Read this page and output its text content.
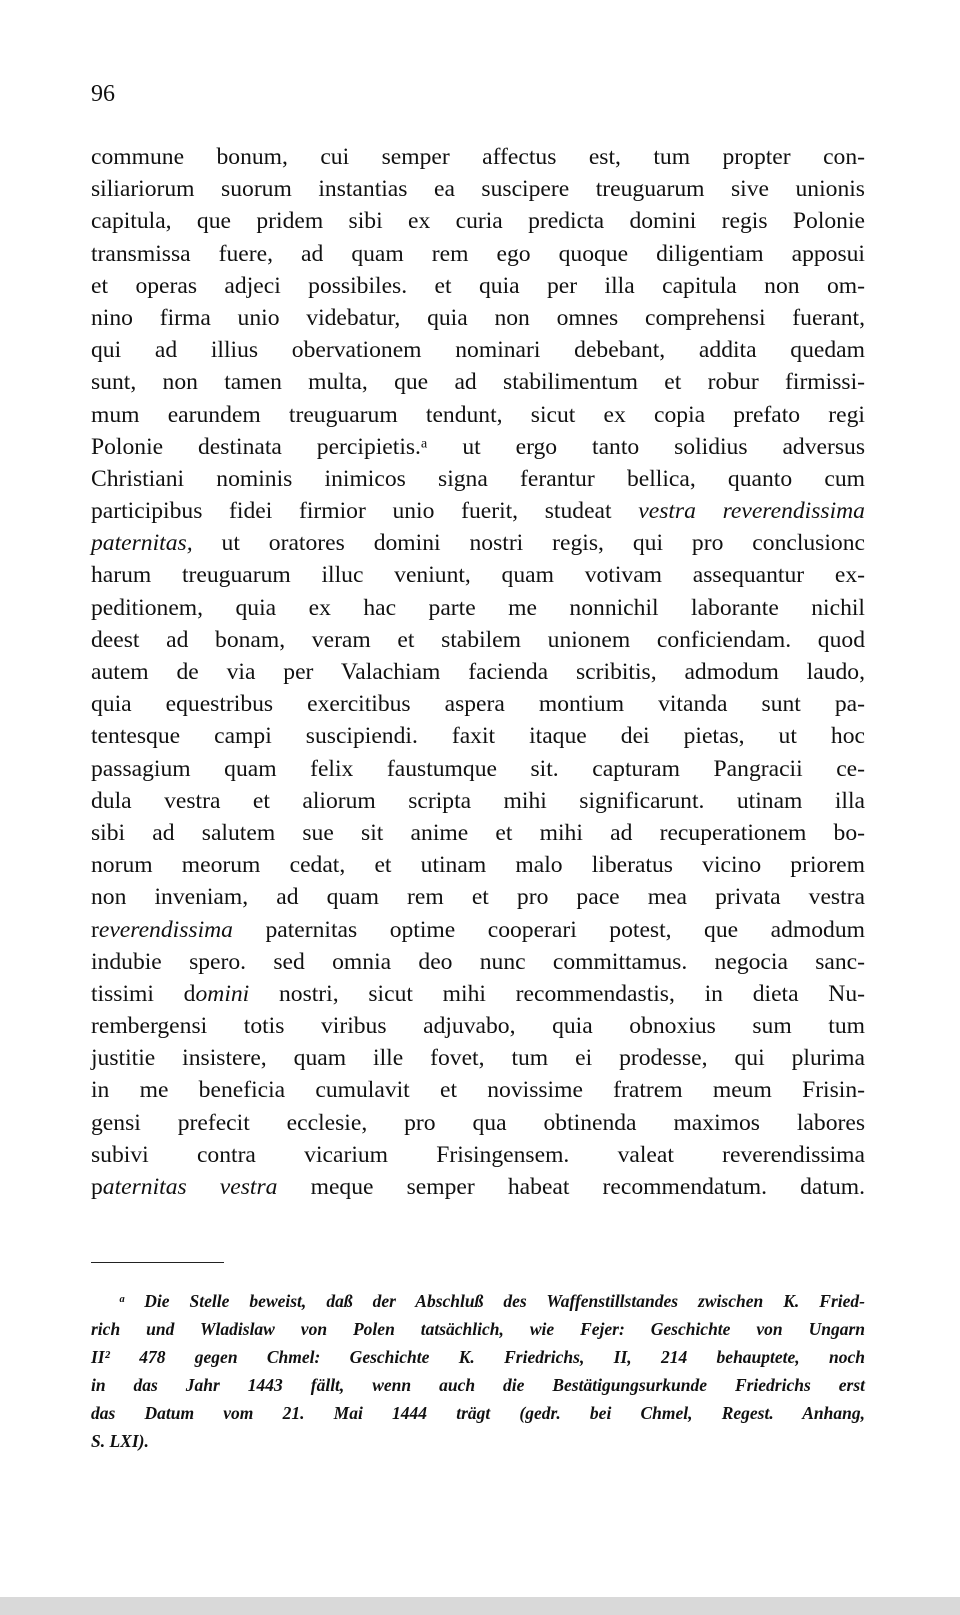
96
commune bonum, cui semper affectus est, tum propter con-
siliariorum suorum instantias ea suscipere treuguarum sive unionis
capitula, que pridem sibi ex curia predicta domini regis Polonie
transmissa fuere, ad quam rem ego quoque diligentiam apposui
et operas adjeci possibiles. et quia per illa capitula non om-
nino firma unio videbatur, quia non omnes comprehensi fuerant,
qui ad illius obervationem nominari debebant, addita quedam
sunt, non tamen multa, que ad stabilimentum et robur firmissi-
mum earundem treuguarum tendunt, sicut ex copia prefato regi
Polonie destinata percipietis.ᵃ ut ergo tanto solidius adversus
Christiani nominis inimicos signa ferantur bellica, quanto cum
participibus fidei firmior unio fuerit, studeat vestra reverendissima
paternitas, ut oratores domini nostri regis, qui pro conclusionc
harum treuguarum illuc veniunt, quam votivam assequantur ex-
peditionem, quia ex hac parte me nonnichil laborante nichil
deest ad bonam, veram et stabilem unionem conficiendam. quod
autem de via per Valachiam facienda scribitis, admodum laudo,
quia equestribus exercitibus aspera montium vitanda sunt pa-
tentesque campi suscipiendi. faxit itaque dei pietas, ut hoc
passagium quam felix faustumque sit. capturam Pangracii ce-
dula vestra et aliorum scripta mihi significarunt. utinam illa
sibi ad salutem sue sit anime et mihi ad recuperationem bo-
norum meorum cedat, et utinam malo liberatus vicino priorem
non inveniam, ad quam rem et pro pace mea privata vestra
reverendissima paternitas optime cooperari potest, que admodum
indubie spero. sed omnia deo nunc committamus. negocia sanc-
tissimi domini nostri, sicut mihi recommendastis, in dieta Nu-
rembergensi totis viribus adjuvabo, quia obnoxius sum tum
justitie insistere, quam ille fovet, tum ei prodesse, qui plurima
in me beneficia cumulavit et novissime fratrem meum Frisin-
gensi prefecit ecclesie, pro qua obtinenda maximos labores
subivi contra vicarium Frisingensem. valeat reverendissima
paternitas vestra meque semper habeat recommendatum. datum.
ᵃ Die Stelle beweist, daß der Abschluß des Waffenstillstandes zwischen K. Fried-
rich und Wladislaw von Polen tatsächlich, wie Fejer: Geschichte von Ungarn
II² 478 gegen Chmel: Geschichte K. Friedrichs, II, 214 behauptete, noch
in das Jahr 1443 fällt, wenn auch die Bestätigungsurkunde Friedrichs erst
das Datum vom 21. Mai 1444 trägt (gedr. bei Chmel, Regest. Anhang,
S. LXI).
